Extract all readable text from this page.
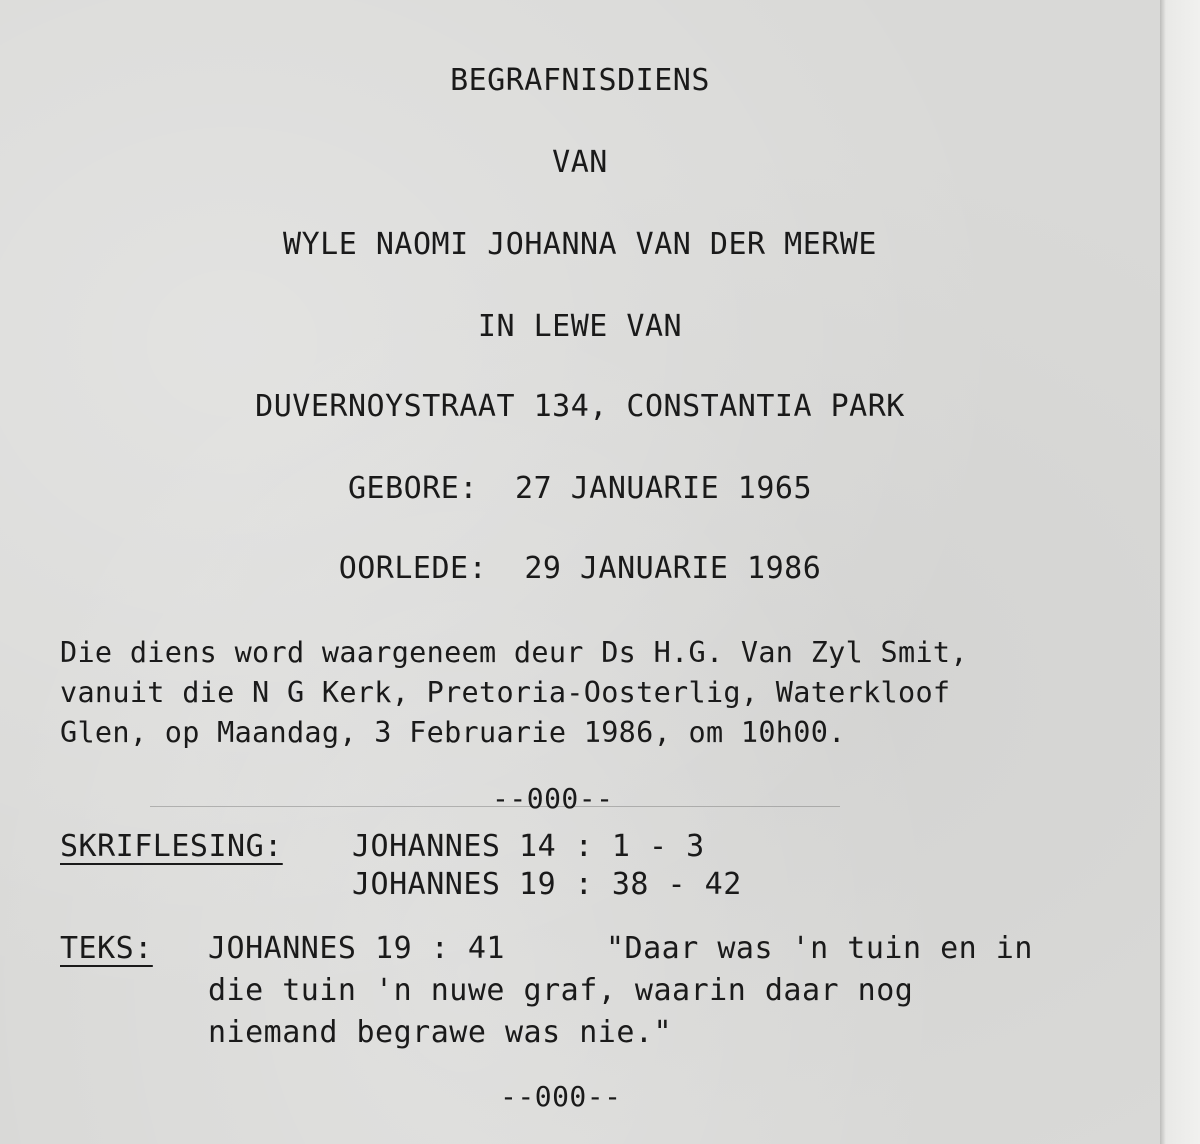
BEGRAFNISDIENS
VAN
WYLE NAOMI JOHANNA VAN DER MERWE
IN LEWE VAN
DUVERNOYSTRAAT 134, CONSTANTIA PARK
GEBORE: 27 JANUARIE 1965
OORLEDE: 29 JANUARIE 1986
Die diens word waargeneem deur Ds H.G. Van Zyl Smit,
vanuit die N G Kerk, Pretoria-Oosterlig, Waterkloof
Glen, op Maandag, 3 Februarie 1986, om 10h00.
--000--
SKRIFLESING: JOHANNES 14 : 1 - 3
JOHANNES 19 : 38 - 42
TEKS: JOHANNES 19 : 41	"Daar was 'n tuin en in
die tuin 'n nuwe graf, waarin daar nog
niemand begrawe was nie."
--000--
